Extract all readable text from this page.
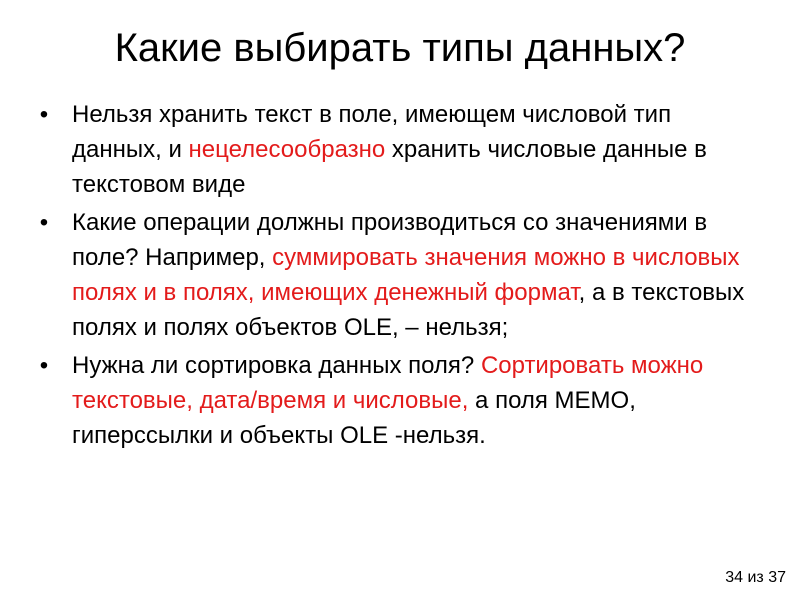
Какие выбирать типы данных?
• Нельзя хранить текст в поле, имеющем числовой тип данных, и нецелесообразно хранить числовые данные в текстовом виде
• Какие операции должны производиться со значениями в поле? Например, суммировать значения можно в числовых полях и в полях, имеющих денежный формат, а в текстовых полях и полях объектов OLE, – нельзя;
• Нужна ли сортировка данных поля? Сортировать можно текстовые, дата/время и числовые, а поля MEMO, гиперссылки и объекты OLE -нельзя.
34 из 37
